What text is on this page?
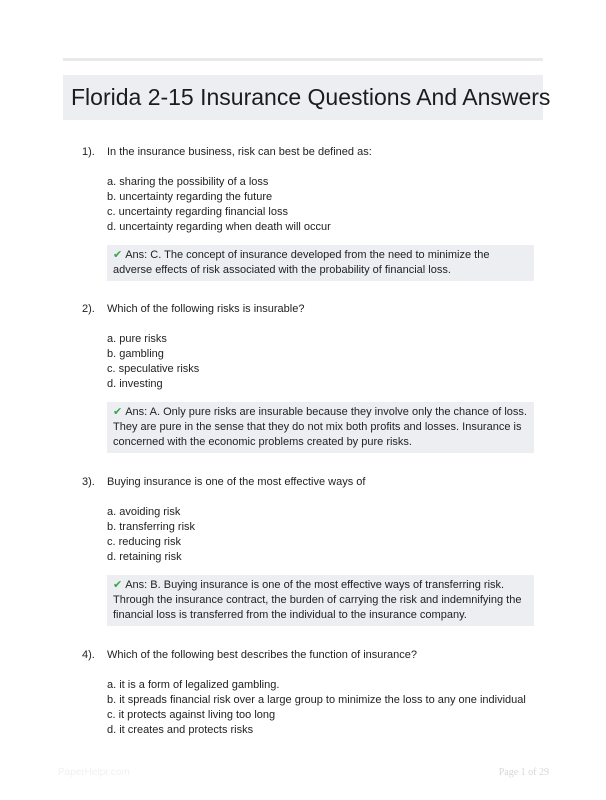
Florida 2-15 Insurance Questions And Answers
1). In the insurance business, risk can best be defined as:
a. sharing the possibility of a loss
b. uncertainty regarding the future
c. uncertainty regarding financial loss
d. uncertainty regarding when death will occur
✔ Ans: C. The concept of insurance developed from the need to minimize the adverse effects of risk associated with the probability of financial loss.
2). Which of the following risks is insurable?
a. pure risks
b. gambling
c. speculative risks
d. investing
✔ Ans: A. Only pure risks are insurable because they involve only the chance of loss. They are pure in the sense that they do not mix both profits and losses. Insurance is concerned with the economic problems created by pure risks.
3). Buying insurance is one of the most effective ways of
a. avoiding risk
b. transferring risk
c. reducing risk
d. retaining risk
✔ Ans: B. Buying insurance is one of the most effective ways of transferring risk. Through the insurance contract, the burden of carrying the risk and indemnifying the financial loss is transferred from the individual to the insurance company.
4). Which of the following best describes the function of insurance?
a. it is a form of legalized gambling.
b. it spreads financial risk over a large group to minimize the loss to any one individual
c. it protects against living too long
d. it creates and protects risks
PaperHelpr.com	Page 1 of 29
